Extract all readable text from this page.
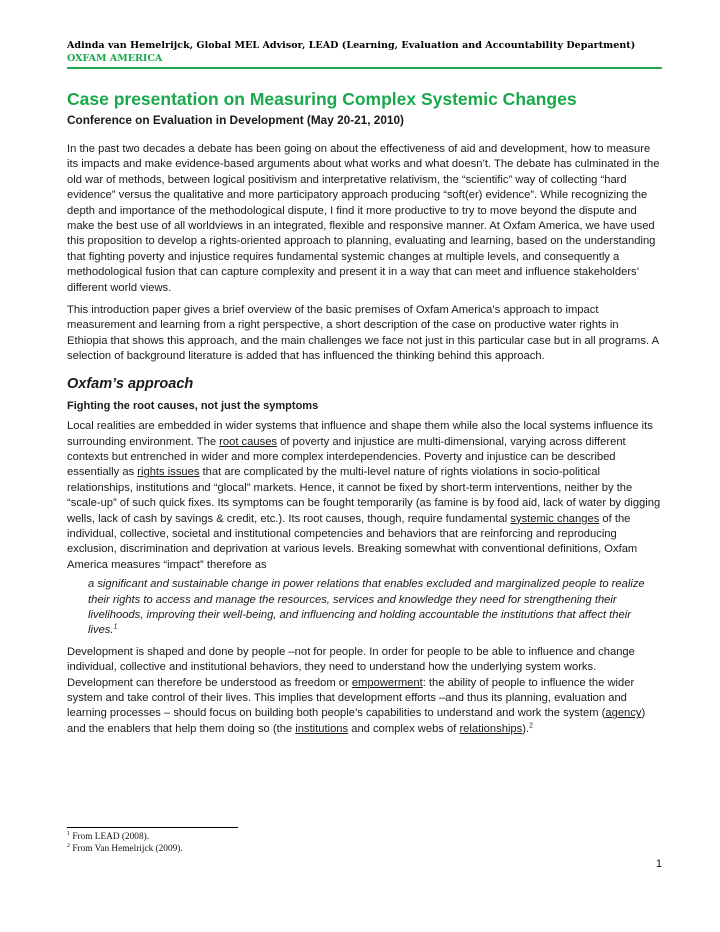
Adinda van Hemelrijck, Global MEL Advisor, LEAD (Learning, Evaluation and Accountability Department)
OXFAM AMERICA
Case presentation on Measuring Complex Systemic Changes
Conference on Evaluation in Development (May 20-21, 2010)

In the past two decades a debate has been going on about the effectiveness of aid and development, how to measure its impacts and make evidence-based arguments about what works and what doesn’t. The debate has culminated in the old war of methods, between logical positivism and interpretative relativism, the “scientific” way of collecting “hard evidence” versus the qualitative and more participatory approach producing “soft(er) evidence”. While recognizing the depth and importance of the methodological dispute, I find it more productive to try to move beyond the dispute and make the best use of all worldviews in an integrated, flexible and responsive manner. At Oxfam America, we have used this proposition to develop a rights-oriented approach to planning, evaluating and learning, based on the understanding that fighting poverty and injustice requires fundamental systemic changes at multiple levels, and consequently a methodological fusion that can capture complexity and present it in a way that can meet and influence stakeholders’ different world views.

This introduction paper gives a brief overview of the basic premises of Oxfam America’s approach to impact measurement and learning from a right perspective, a short description of the case on productive water rights in Ethiopia that shows this approach, and the main challenges we face not just in this particular case but in all programs. A selection of background literature is added that has influenced the thinking behind this approach.

Oxfam’s approach
Fighting the root causes, not just the symptoms

Local realities are embedded in wider systems that influence and shape them while also the local systems influence its surrounding environment. The root causes of poverty and injustice are multi-dimensional, varying across different contexts but entrenched in wider and more complex interdependencies. Poverty and injustice can be described essentially as rights issues that are complicated by the multi-level nature of rights violations in socio-political relationships, institutions and “glocal” markets. Hence, it cannot be fixed by short-term interventions, neither by the “scale-up” of such quick fixes. Its symptoms can be fought temporarily (as famine is by food aid, lack of water by digging wells, lack of cash by savings & credit, etc.). Its root causes, though, require fundamental systemic changes of the individual, collective, societal and institutional competencies and behaviors that are reinforcing and reproducing exclusion, discrimination and deprivation at various levels. Breaking somewhat with conventional definitions, Oxfam America measures “impact” therefore as

a significant and sustainable change in power relations that enables excluded and marginalized people to realize their rights to access and manage the resources, services and knowledge they need for strengthening their livelihoods, improving their well-being, and influencing and holding accountable the institutions that affect their lives.$^1$

Development is shaped and done by people –not for people. In order for people to be able to influence and change individual, collective and institutional behaviors, they need to understand how the underlying system works. Development can therefore be understood as freedom or empowerment: the ability of people to influence the wider system and take control of their lives. This implies that development efforts –and thus its planning, evaluation and learning processes – should focus on building both people’s capabilities to understand and work the system (agency) and the enablers that help them doing so (the institutions and complex webs of relationships).$^2$

$^1$ From LEAD (2008).
$^2$ From Van Hemelrijck (2009).
1
